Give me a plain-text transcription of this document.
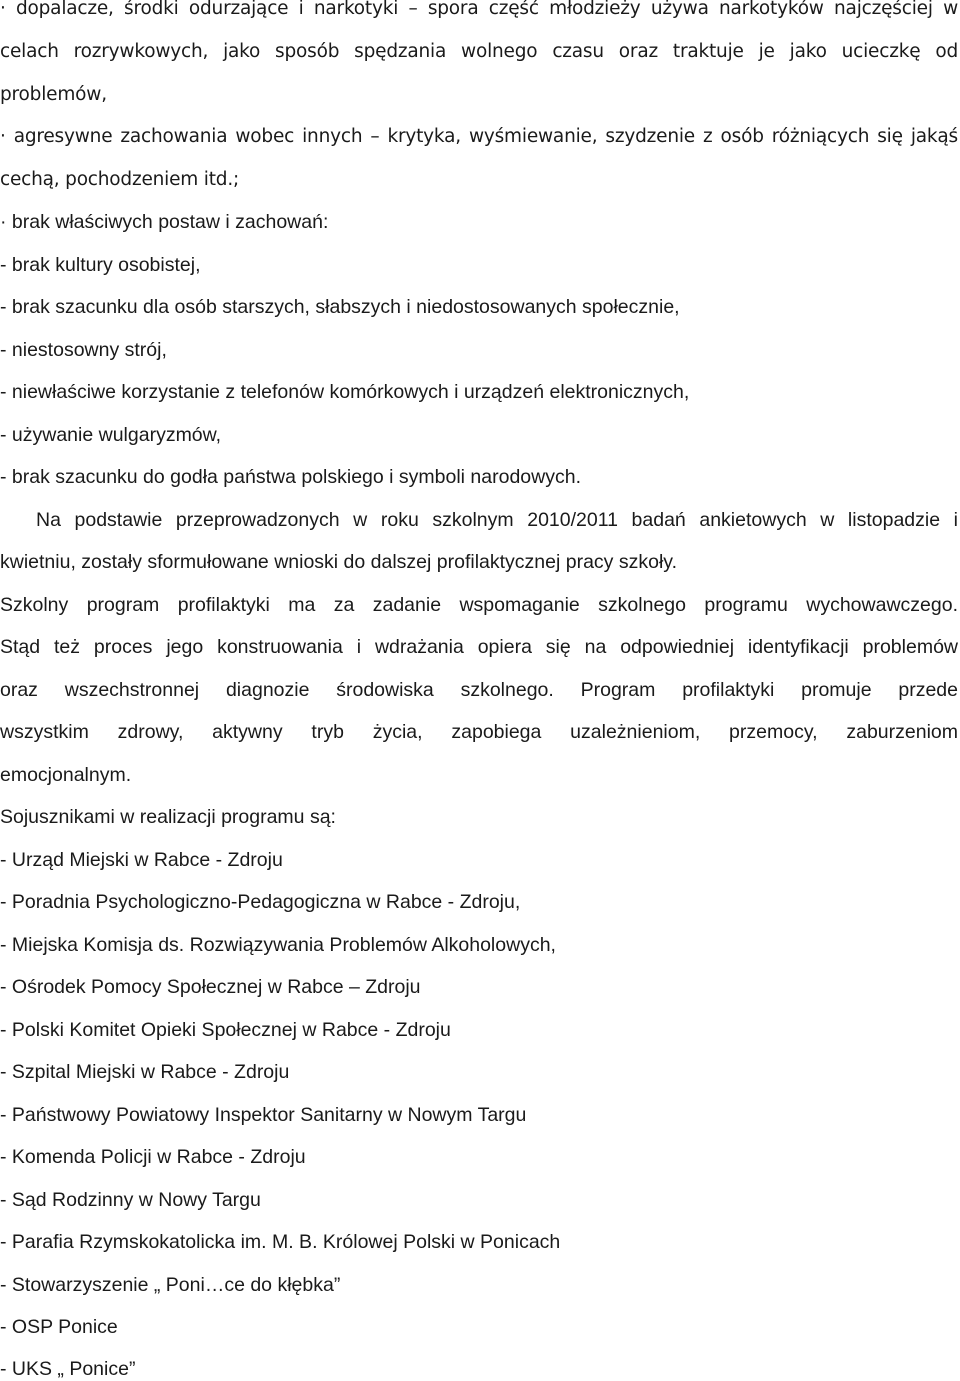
· dopalacze, środki odurzające i narkotyki – spora część młodzieży używa narkotyków najczęściej w
celach rozrywkowych, jako sposób spędzania wolnego czasu oraz traktuje je jako ucieczkę od
problemów,
· agresywne zachowania wobec innych – krytyka, wyśmiewanie, szydzenie z osób różniących się jakąś
cechą, pochodzeniem itd.;
· brak właściwych postaw i zachowań:
- brak kultury osobistej,
- brak szacunku dla osób starszych, słabszych i niedostosowanych społecznie,
- niestosowny strój,
- niewłaściwe korzystanie z telefonów komórkowych i urządzeń elektronicznych,
- używanie wulgaryzmów,
- brak szacunku do godła państwa polskiego i symboli narodowych.
Na podstawie przeprowadzonych w roku szkolnym 2010/2011 badań ankietowych w listopadzie i
kwietniu, zostały sformułowane wnioski do dalszej profilaktycznej pracy szkoły.
Szkolny program profilaktyki ma za zadanie wspomaganie szkolnego programu wychowawczego.
Stąd też proces jego konstruowania i wdrażania opiera się na odpowiedniej identyfikacji problemów
oraz wszechstronnej diagnozie środowiska szkolnego. Program profilaktyki promuje przede
wszystkim zdrowy, aktywny tryb życia, zapobiega uzależnieniom, przemocy, zaburzeniom
emocjonalnym.
Sojusznikami w realizacji programu są:
- Urząd Miejski w Rabce - Zdroju
- Poradnia Psychologiczno-Pedagogiczna w Rabce - Zdroju,
- Miejska Komisja ds. Rozwiązywania Problemów Alkoholowych,
- Ośrodek Pomocy Społecznej w Rabce – Zdroju
- Polski Komitet Opieki Społecznej w Rabce - Zdroju
- Szpital Miejski w Rabce - Zdroju
- Państwowy Powiatowy Inspektor Sanitarny w Nowym Targu
- Komenda Policji w Rabce - Zdroju
- Sąd Rodzinny w Nowy Targu
- Parafia Rzymskokatolicka im. M. B. Królowej Polski w Ponicach
- Stowarzyszenie „ Poni…ce do kłębka”
- OSP Ponice
- UKS „ Ponice”
